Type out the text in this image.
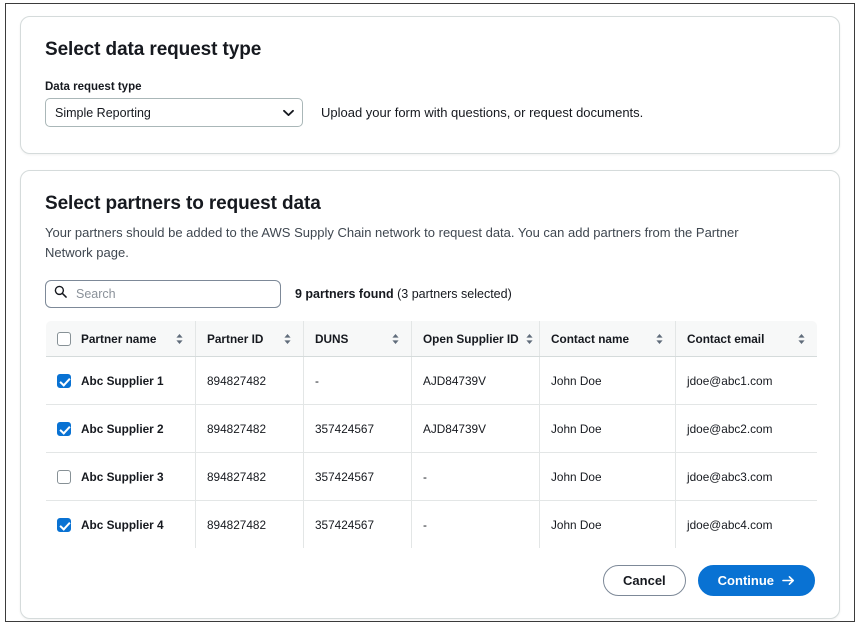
Select data request type
Data request type
Simple Reporting	Upload your form with questions, or request documents.
Select partners to request data

Your partners should be added to the AWS Supply Chain network to request data. You can add partners from the Partner Network page.

Search
9 partners found (3 partners selected)
Partner name	Partner ID	DUNS	Open Supplier ID	Contact name	Contact email

Abc Supplier 1	894827482	-	AJD84739V	John Doe	jdoe@abc1.com

Abc Supplier 2	894827482	357424567	AJD84739V	John Doe	jdoe@abc2.com

Abc Supplier 3	894827482	357424567	-	John Doe	jdoe@abc3.com

Abc Supplier 4	894827482	357424567	-	John Doe	jdoe@abc4.com
Cancel	Continue
